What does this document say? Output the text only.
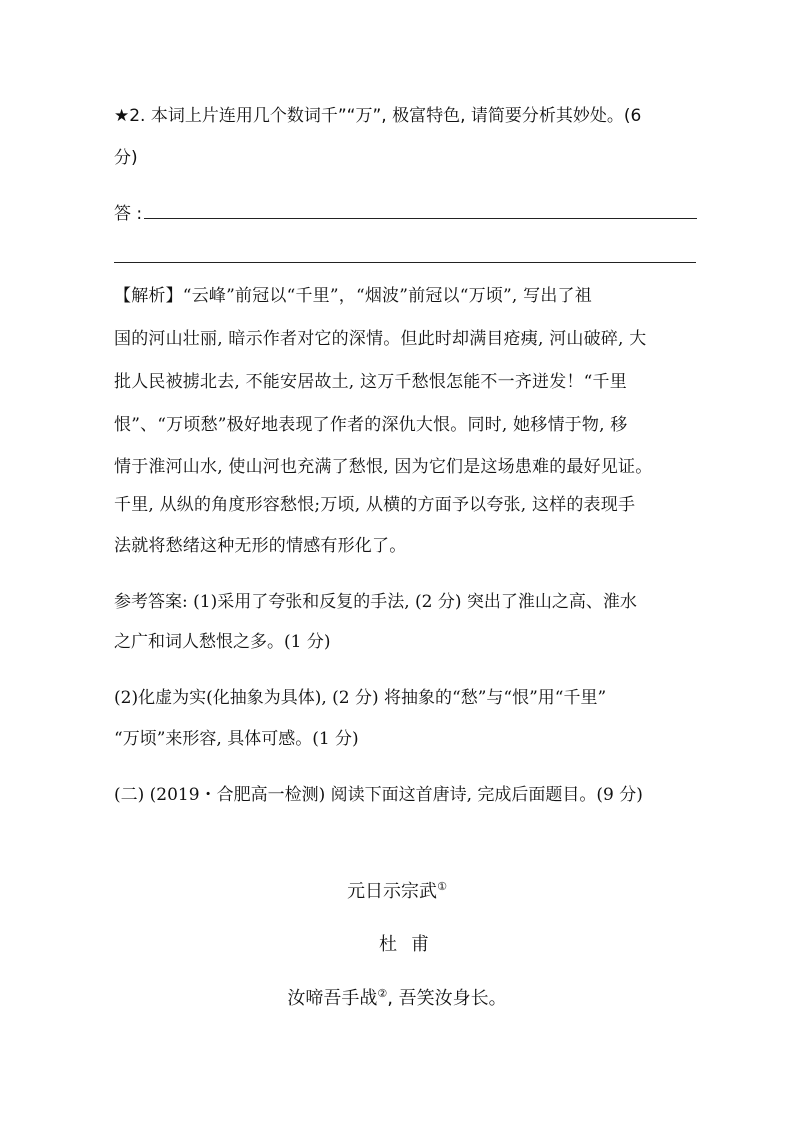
★2. 本词上片连用几个数词千”“万”, 极富特色, 请简要分析其妙处。(6
分)
答 :
【解析】“云峰”前冠以“千里”，“烟波”前冠以“万顷”, 写出了祖
国的河山壮丽, 暗示作者对它的深情。但此时却满目疮痍, 河山破碎, 大
批人民被掳北去, 不能安居故土, 这万千愁恨怎能不一齐迸发！“千里
恨”、“万顷愁”极好地表现了作者的深仇大恨。同时, 她移情于物, 移
情于淮河山水, 使山河也充满了愁恨, 因为它们是这场患难的最好见证。
千里, 从纵的角度形容愁恨;万顷, 从横的方面予以夸张, 这样的表现手
法就将愁绪这种无形的情感有形化了。
参考答案: (1)采用了夸张和反复的手法, (2 分) 突出了淮山之高、淮水
之广和词人愁恨之多。(1 分)
(2)化虚为实(化抽象为具体), (2 分) 将抽象的“愁”与“恨”用“千里”
“万顷”来形容, 具体可感。(1 分)
(二) (2019・合肥高一检测) 阅读下面这首唐诗, 完成后面题目。(9 分)
元日示宗武①
杜甫
汝啼吾手战②, 吾笑汝身长。
